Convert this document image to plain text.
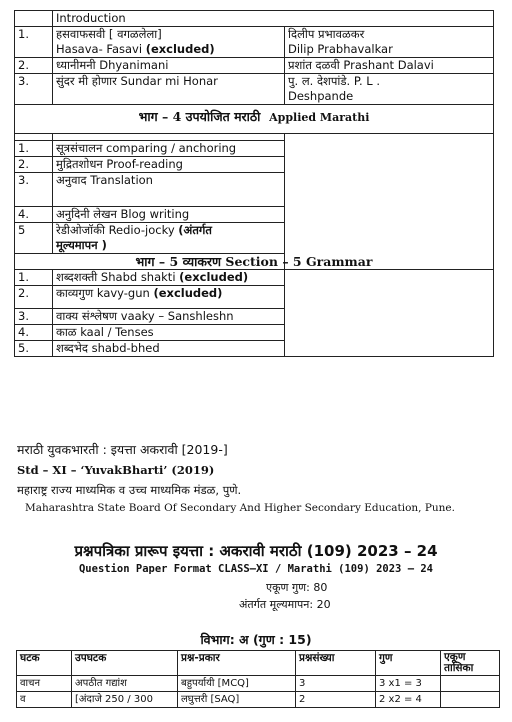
	Introduction	
1.	हसवाफसवी [ वगळलेला]
Hasava- Fasavi (excluded)	दिलीप प्रभावळकर
Dilip Prabhavalkar
2.	ध्यानीमनी Dhyanimani	प्रशांत दळवी Prashant Dalavi
3.	सुंदर मी होणार Sundar mi Honar	पु. ल. देशपांडे. P. L .
Deshpande
भाग – 4 उपयोजित मराठी Applied Marathi		

1.	सूत्रसंचालन comparing / anchoring	
2.	मुद्रितशोधन Proof-reading	
3.	अनुवाद Translation	
4.	अनुदिनी लेखन Blog writing	
5	रेडीओजॉकी Redio-jocky (अंतर्गत
मूल्यमापन )	
भाग – 5 व्याकरण Section – 5 Grammar		
1.	शब्दशक्ती Shabd shakti (excluded)	
2.	काव्यगुण kavy-gun (excluded)	
3.	वाक्य संश्लेषण vaaky – Sanshleshn	
4.	काळ kaal / Tenses	
5.	शब्दभेद shabd-bhed	
मराठी युवकभारती : इयत्ता अकरावी [2019-]
Std – XI – ‘YuvakBharti’ (2019)
महाराष्ट्र राज्य माध्यमिक व उच्च माध्यमिक मंडळ, पुणे.
Maharashtra State Board Of Secondary And Higher Secondary Education, Pune.
प्रश्नपत्रिका प्रारूप इयत्ता : अकरावी मराठी (109) 2023 – 24
Question Paper Format CLASS–XI / Marathi (109) 2023 – 24
एकूण गुण: 80
अंतर्गत मूल्यमापन: 20
विभाग: अ (गुण : 15)
घटक	उपघटक	प्रश्न-प्रकार	प्रश्नसंख्या	गुण	एकूण तासिका
वाचन	अपठीत गद्यांश	बहुपर्यायी [MCQ]	3	3 x1 = 3	
व	[अंदाजे 250 / 300	लघुत्तरी [SAQ]	2	2 x2 = 4	
